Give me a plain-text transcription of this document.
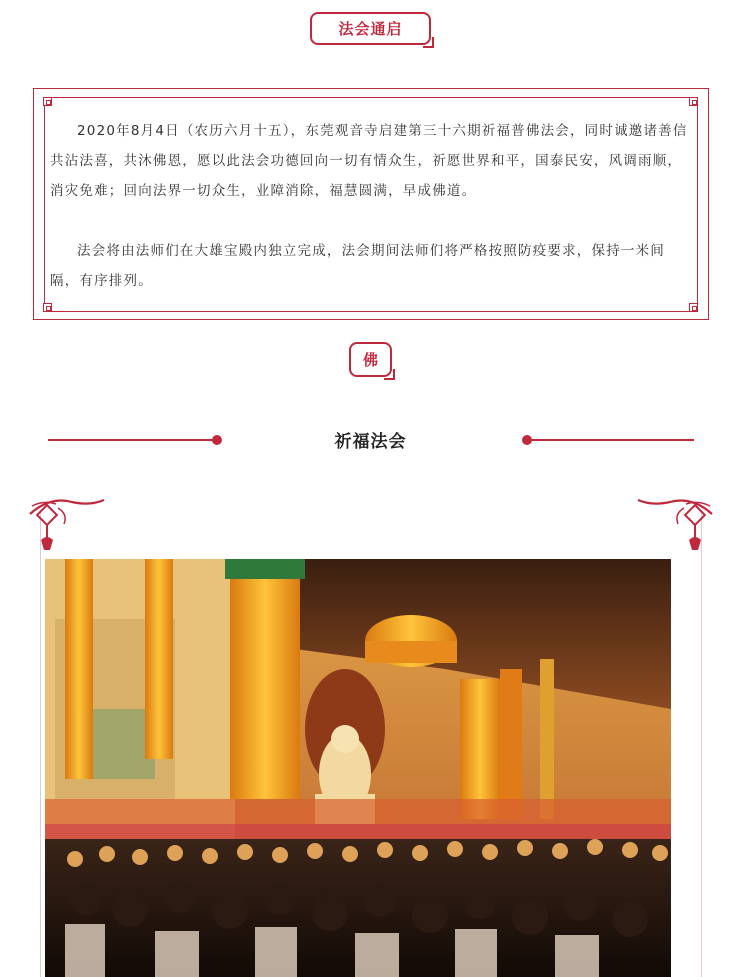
法会通启

2020年8月4日（农历六月十五），东莞观音寺启建第三十六期祈福普佛法会，同时诚邀诸善信共沾法喜，共沐佛恩，愿以此法会功德回向一切有情众生，祈愿世界和平，国泰民安，风调雨顺，消灾免难；回向法界一切众生，业障消除，福慧圆满，早成佛道。

法会将由法师们在大雄宝殿内独立完成，法会期间法师们将严格按照防疫要求，保持一米间隔，有序排列。

佛
祈福法会
